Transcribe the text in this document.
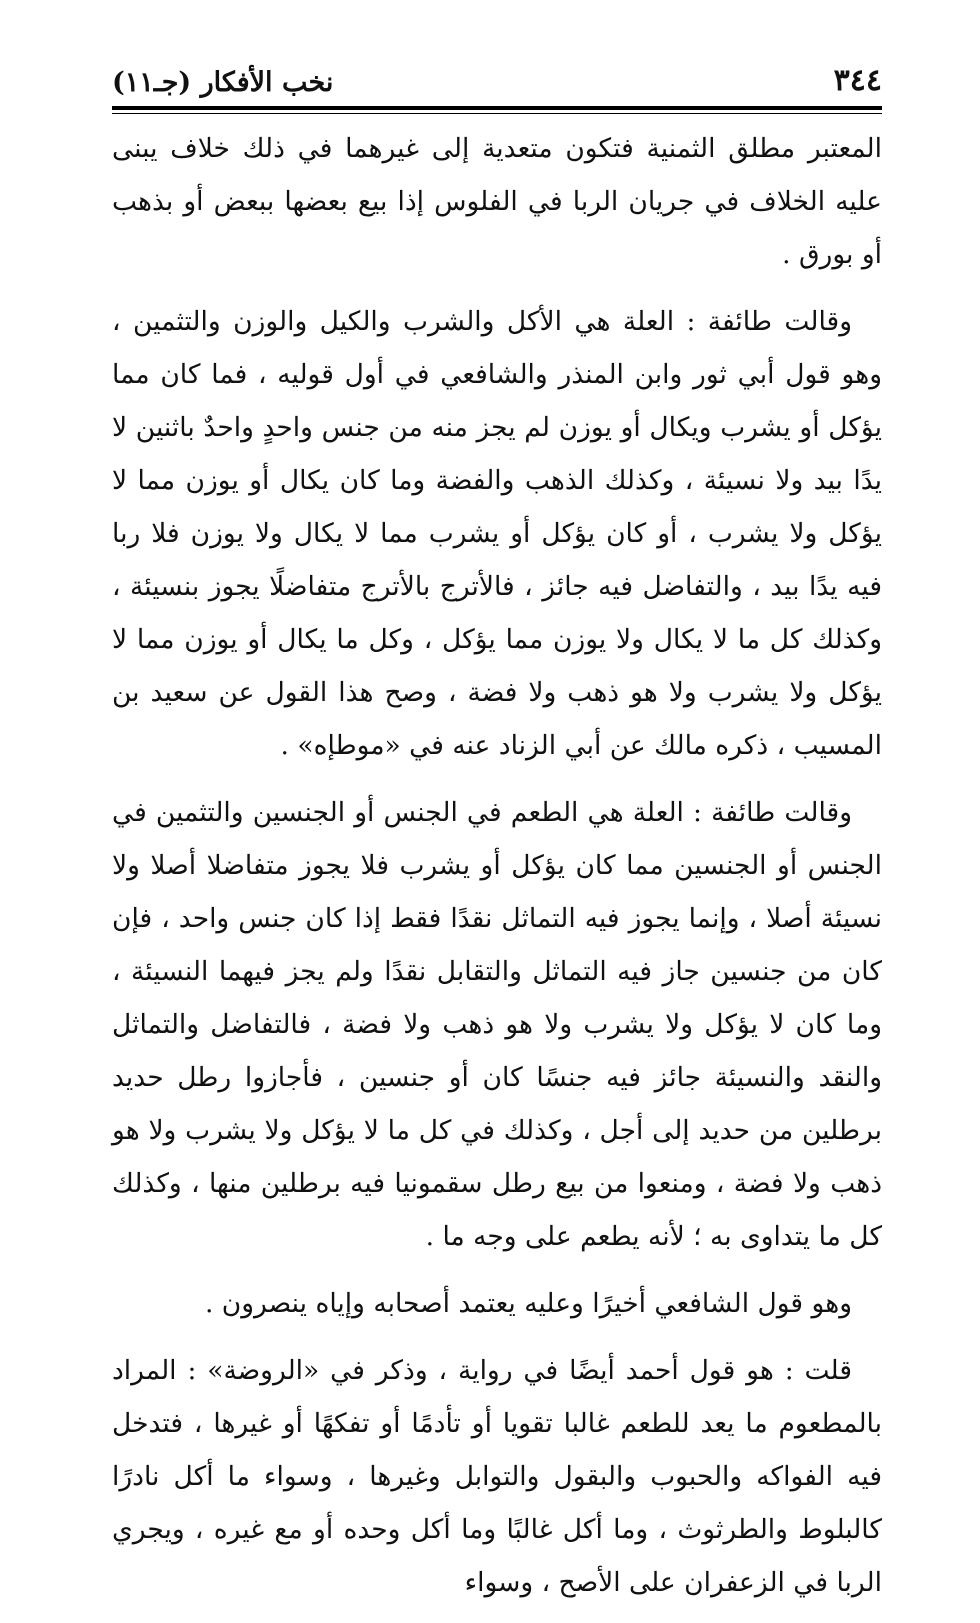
٣٤٤
نخب الأفكار (جـ١١)

المعتبر مطلق الثمنية فتكون متعدية إلى غيرهما في ذلك خلاف يبنى عليه الخلاف في جريان الربا في الفلوس إذا بيع بعضها ببعض أو بذهب أو بورق .

وقالت طائفة : العلة هي الأكل والشرب والكيل والوزن والتثمين ، وهو قول أبي ثور وابن المنذر والشافعي في أول قوليه ، فما كان مما يؤكل أو يشرب ويكال أو يوزن لم يجز منه من جنس واحدٍ واحدٌ باثنين لا يدًا بيد ولا نسيئة ، وكذلك الذهب والفضة وما كان يكال أو يوزن مما لا يؤكل ولا يشرب ، أو كان يؤكل أو يشرب مما لا يكال ولا يوزن فلا ربا فيه يدًا بيد ، والتفاضل فيه جائز ، فالأترج بالأترج متفاضلًا يجوز بنسيئة ، وكذلك كل ما لا يكال ولا يوزن مما يؤكل ، وكل ما يكال أو يوزن مما لا يؤكل ولا يشرب ولا هو ذهب ولا فضة ، وصح هذا القول عن سعيد بن المسيب ، ذكره مالك عن أبي الزناد عنه في «موطإه» .

وقالت طائفة : العلة هي الطعم في الجنس أو الجنسين والتثمين في الجنس أو الجنسين مما كان يؤكل أو يشرب فلا يجوز متفاضلا أصلا ولا نسيئة أصلا ، وإنما يجوز فيه التماثل نقدًا فقط إذا كان جنس واحد ، فإن كان من جنسين جاز فيه التماثل والتقابل نقدًا ولم يجز فيهما النسيئة ، وما كان لا يؤكل ولا يشرب ولا هو ذهب ولا فضة ، فالتفاضل والتماثل والنقد والنسيئة جائز فيه جنسًا كان أو جنسين ، فأجازوا رطل حديد برطلين من حديد إلى أجل ، وكذلك في كل ما لا يؤكل ولا يشرب ولا هو ذهب ولا فضة ، ومنعوا من بيع رطل سقمونيا فيه برطلين منها ، وكذلك كل ما يتداوى به ؛ لأنه يطعم على وجه ما .

وهو قول الشافعي أخيرًا وعليه يعتمد أصحابه وإياه ينصرون .

قلت : هو قول أحمد أيضًا في رواية ، وذكر في «الروضة» : المراد بالمطعوم ما يعد للطعم غالبا تقويا أو تأدمًا أو تفكهًا أو غيرها ، فتدخل فيه الفواكه والحبوب والبقول والتوابل وغيرها ، وسواء ما أكل نادرًا كالبلوط والطرثوث ، وما أكل غالبًا وما أكل وحده أو مع غيره ، ويجري الربا في الزعفران على الأصح ، وسواء
